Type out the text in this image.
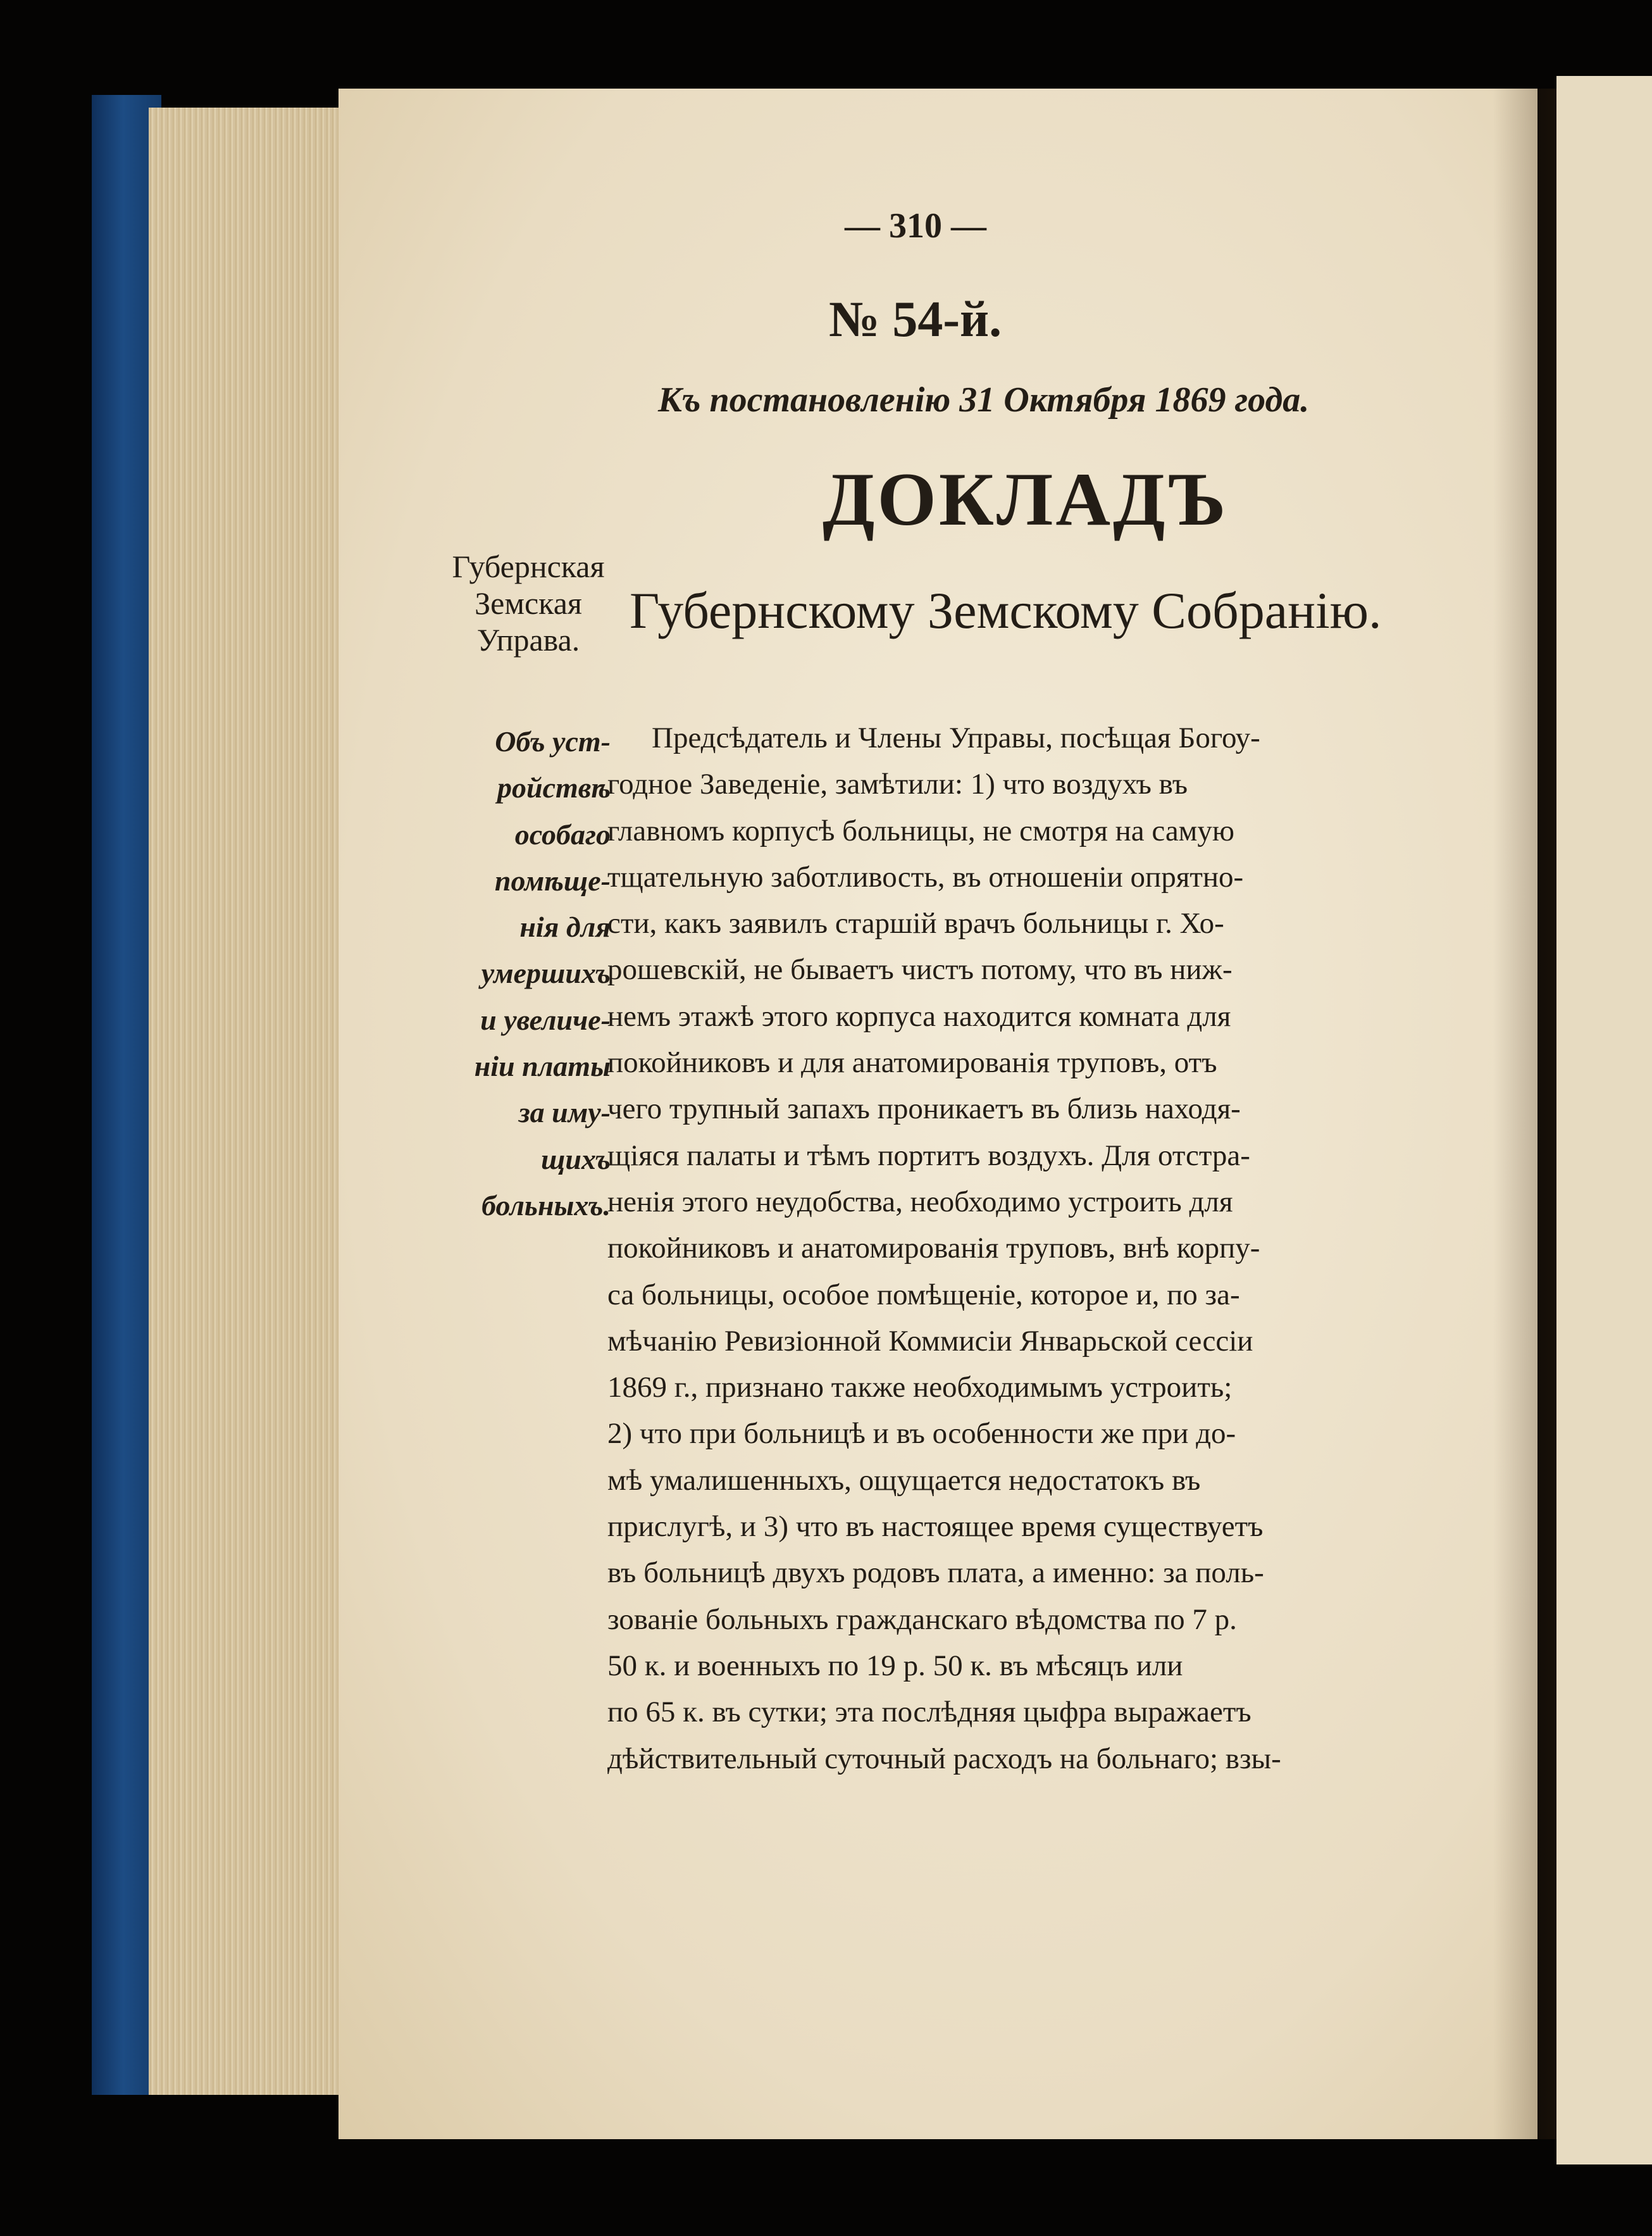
— 310 —
№ 54-й.
Къ постановленію 31 Октября 1869 года.
ДОКЛАДЪ
Губернская
Земская
Управа.
Губернскому Земскому Собранію.
Объ уст-
ройствѣ
особаго
помѣще-
нія для
умершихъ
и увеличе-
ніи платы
за иму-
щихъ
больныхъ.
Предсѣдатель и Члены Управы, посѣщая Богоу-
годное Заведеніе, замѣтили: 1) что воздухъ въ
главномъ корпусѣ больницы, не смотря на самую
тщательную заботливость, въ отношеніи опрятно-
сти, какъ заявилъ старшій врачъ больницы г. Хо-
рошевскій, не бываетъ чистъ потому, что въ ниж-
немъ этажѣ этого корпуса находится комната для
покойниковъ и для анатомированія труповъ, отъ
чего трупный запахъ проникаетъ въ близь находя-
щіяся палаты и тѣмъ портитъ воздухъ. Для отстра-
ненія этого неудобства, необходимо устроить для
покойниковъ и анатомированія труповъ, внѣ корпу-
са больницы, особое помѣщеніе, которое и, по за-
мѣчанію Ревизіонной Коммисіи Январьской сессіи
1869 г., признано также необходимымъ устроить;
2) что при больницѣ и въ особенности же при до-
мѣ умалишенныхъ, ощущается недостатокъ въ
прислугѣ, и 3) что въ настоящее время существуетъ
въ больницѣ двухъ родовъ плата, а именно: за поль-
зованіе больныхъ гражданскаго вѣдомства по 7 р.
50 к. и военныхъ по 19 р. 50 к. въ мѣсяцъ или
по 65 к. въ сутки; эта послѣдняя цыфра выражаетъ
дѣйствительный суточный расходъ на больнаго; взы-
